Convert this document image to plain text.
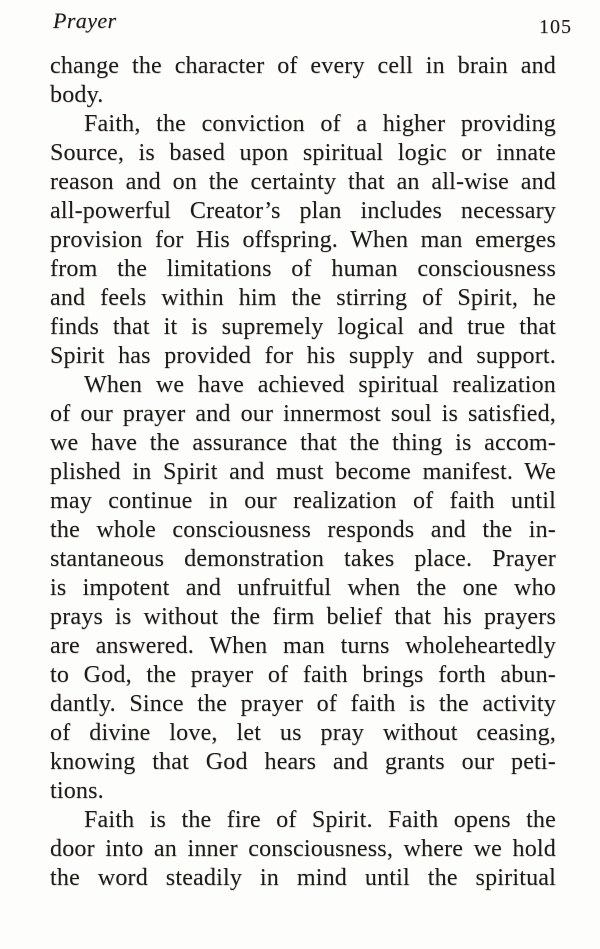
Prayer	105
change the character of every cell in brain and
body.
Faith, the conviction of a higher providing
Source, is based upon spiritual logic or innate
reason and on the certainty that an all-wise and
all-powerful Creator’s plan includes necessary
provision for His offspring. When man emerges
from the limitations of human consciousness
and feels within him the stirring of Spirit, he
finds that it is supremely logical and true that
Spirit has provided for his supply and support.
When we have achieved spiritual realization
of our prayer and our innermost soul is satisfied,
we have the assurance that the thing is accom-
plished in Spirit and must become manifest. We
may continue in our realization of faith until
the whole consciousness responds and the in-
stantaneous demonstration takes place. Prayer
is impotent and unfruitful when the one who
prays is without the firm belief that his prayers
are answered. When man turns wholeheartedly
to God, the prayer of faith brings forth abun-
dantly. Since the prayer of faith is the activity
of divine love, let us pray without ceasing,
knowing that God hears and grants our peti-
tions.
Faith is the fire of Spirit. Faith opens the
door into an inner consciousness, where we hold
the word steadily in mind until the spiritual
